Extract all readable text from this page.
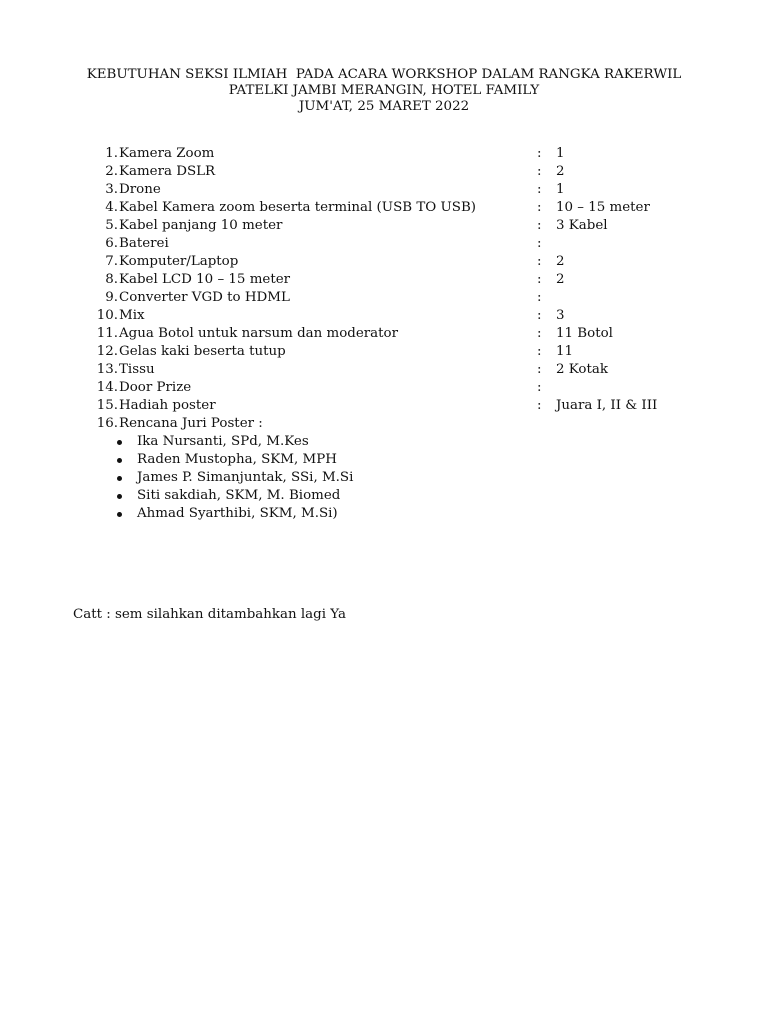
KEBUTUHAN SEKSI ILMIAH  PADA ACARA WORKSHOP DALAM RANGKA RAKERWIL
PATELKI JAMBI MERANGIN, HOTEL FAMILY
JUM'AT, 25 MARET 2022
1. Kamera Zoom	: 1
2. Kamera DSLR	: 2
3. Drone	: 1
4. Kabel Kamera zoom beserta terminal (USB TO USB)	: 10 – 15 meter
5. Kabel panjang 10 meter	: 3 Kabel
6. Baterei	:
7. Komputer/Laptop	: 2
8. Kabel LCD 10 – 15 meter	: 2
9. Converter VGD to HDML	:
10. Mix	: 3
11. Agua Botol untuk narsum dan moderator	: 11 Botol
12. Gelas kaki beserta tutup	: 11
13. Tissu	: 2 Kotak
14. Door Prize	:
15. Hadiah poster	: Juara I, II & III
16. Rencana Juri Poster :
Ika Nursanti, SPd, M.Kes
Raden Mustopha, SKM, MPH
James P. Simanjuntak, SSi, M.Si
Siti sakdiah, SKM, M. Biomed
Ahmad Syarthibi, SKM, M.Si)
Catt : sem silahkan ditambahkan lagi Ya
